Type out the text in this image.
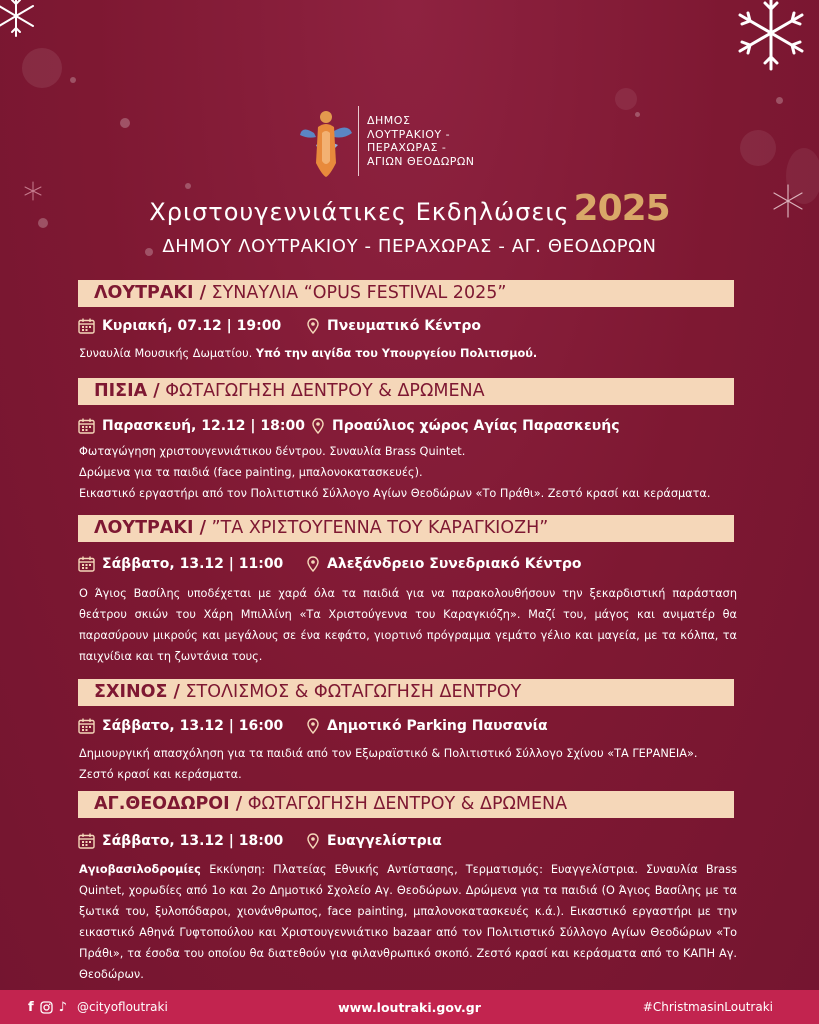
ΔΗΜΟΣ
ΛΟΥΤΡΑΚΙΟΥ -
ΠΕΡΑΧΩΡΑΣ -
ΑΓΙΩΝ ΘΕΟΔΩΡΩΝ
Χριστουγεννιάτικες Εκδηλώσεις 2025
ΔΗΜΟΥ ΛΟΥΤΡΑΚΙΟΥ - ΠΕΡΑΧΩΡΑΣ - ΑΓ. ΘΕΟΔΩΡΩΝ
ΛΟΥΤΡΑΚΙ / ΣΥΝΑΥΛΙΑ “OPUS FESTIVAL 2025”
Κυριακή, 07.12 | 19:00	Πνευματικό Κέντρο
Συναυλία Μουσικής Δωματίου. Υπό την αιγίδα του Υπουργείου Πολιτισμού.
ΠΙΣΙΑ / ΦΩΤΑΓΩΓΗΣΗ ΔΕΝΤΡΟΥ & ΔΡΩΜΕΝΑ
Παρασκευή, 12.12 | 18:00	Προαύλιος χώρος Αγίας Παρασκευής
Φωταγώγηση χριστουγεννιάτικου δέντρου. Συναυλία Brass Quintet.
Δρώμενα για τα παιδιά (face painting, μπαλονοκατασκευές).
Εικαστικό εργαστήρι από τον Πολιτιστικό Σύλλογο Αγίων Θεοδώρων «Το Πράθι». Ζεστό κρασί και κεράσματα.
ΛΟΥΤΡΑΚΙ / ”ΤΑ ΧΡΙΣΤΟΥΓΕΝΝΑ ΤΟΥ ΚΑΡΑΓΚΙΟΖΗ”
Σάββατο, 13.12 | 11:00	Αλεξάνδρειο Συνεδριακό Κέντρο
Ο Άγιος Βασίλης υποδέχεται με χαρά όλα τα παιδιά για να παρακολουθήσουν την ξεκαρδιστική παράσταση θεάτρου σκιών του Χάρη Μπιλλίνη «Τα Χριστούγεννα του Καραγκιόζη». Μαζί του, μάγος και ανιματέρ θα παρασύρουν μικρούς και μεγάλους σε ένα κεφάτο, γιορτινό πρόγραμμα γεμάτο γέλιο και μαγεία, με τα κόλπα, τα παιχνίδια και τη ζωντάνια τους.
ΣΧΙΝΟΣ / ΣΤΟΛΙΣΜΟΣ & ΦΩΤΑΓΩΓΗΣΗ ΔΕΝΤΡΟΥ
Σάββατο, 13.12 | 16:00	Δημοτικό Parking Παυσανία
Δημιουργική απασχόληση για τα παιδιά από τον Εξωραϊστικό & Πολιτιστικό Σύλλογο Σχίνου «ΤΑ ΓΕΡΑΝΕΙΑ».
Ζεστό κρασί και κεράσματα.
ΑΓ.ΘΕΟΔΩΡΟΙ / ΦΩΤΑΓΩΓΗΣΗ ΔΕΝΤΡΟΥ & ΔΡΩΜΕΝΑ
Σάββατο, 13.12 | 18:00	Ευαγγελίστρια
Αγιοβασιλοδρομίες Εκκίνηση: Πλατείας Εθνικής Αντίστασης, Τερματισμός: Ευαγγελίστρια. Συναυλία Brass Quintet, χορωδίες από 1ο και 2ο Δημοτικό Σχολείο Αγ. Θεοδώρων. Δρώμενα για τα παιδιά (Ο Άγιος Βασίλης με τα ξωτικά του, ξυλοπόδαροι, χιονάνθρωπος, face painting, μπαλονοκατασκευές κ.ά.). Εικαστικό εργαστήρι με την εικαστικό Αθηνά Γυφτοπούλου και Χριστουγεννιάτικο bazaar από τον Πολιτιστικό Σύλλογο Αγίων Θεοδώρων «Το Πράθι», τα έσοδα του οποίου θα διατεθούν για φιλανθρωπικό σκοπό. Ζεστό κρασί και κεράσματα από το ΚΑΠΗ Αγ. Θεοδώρων.
f ♪ @cityofloutraki	www.loutraki.gov.gr	#ChristmasinLoutraki
